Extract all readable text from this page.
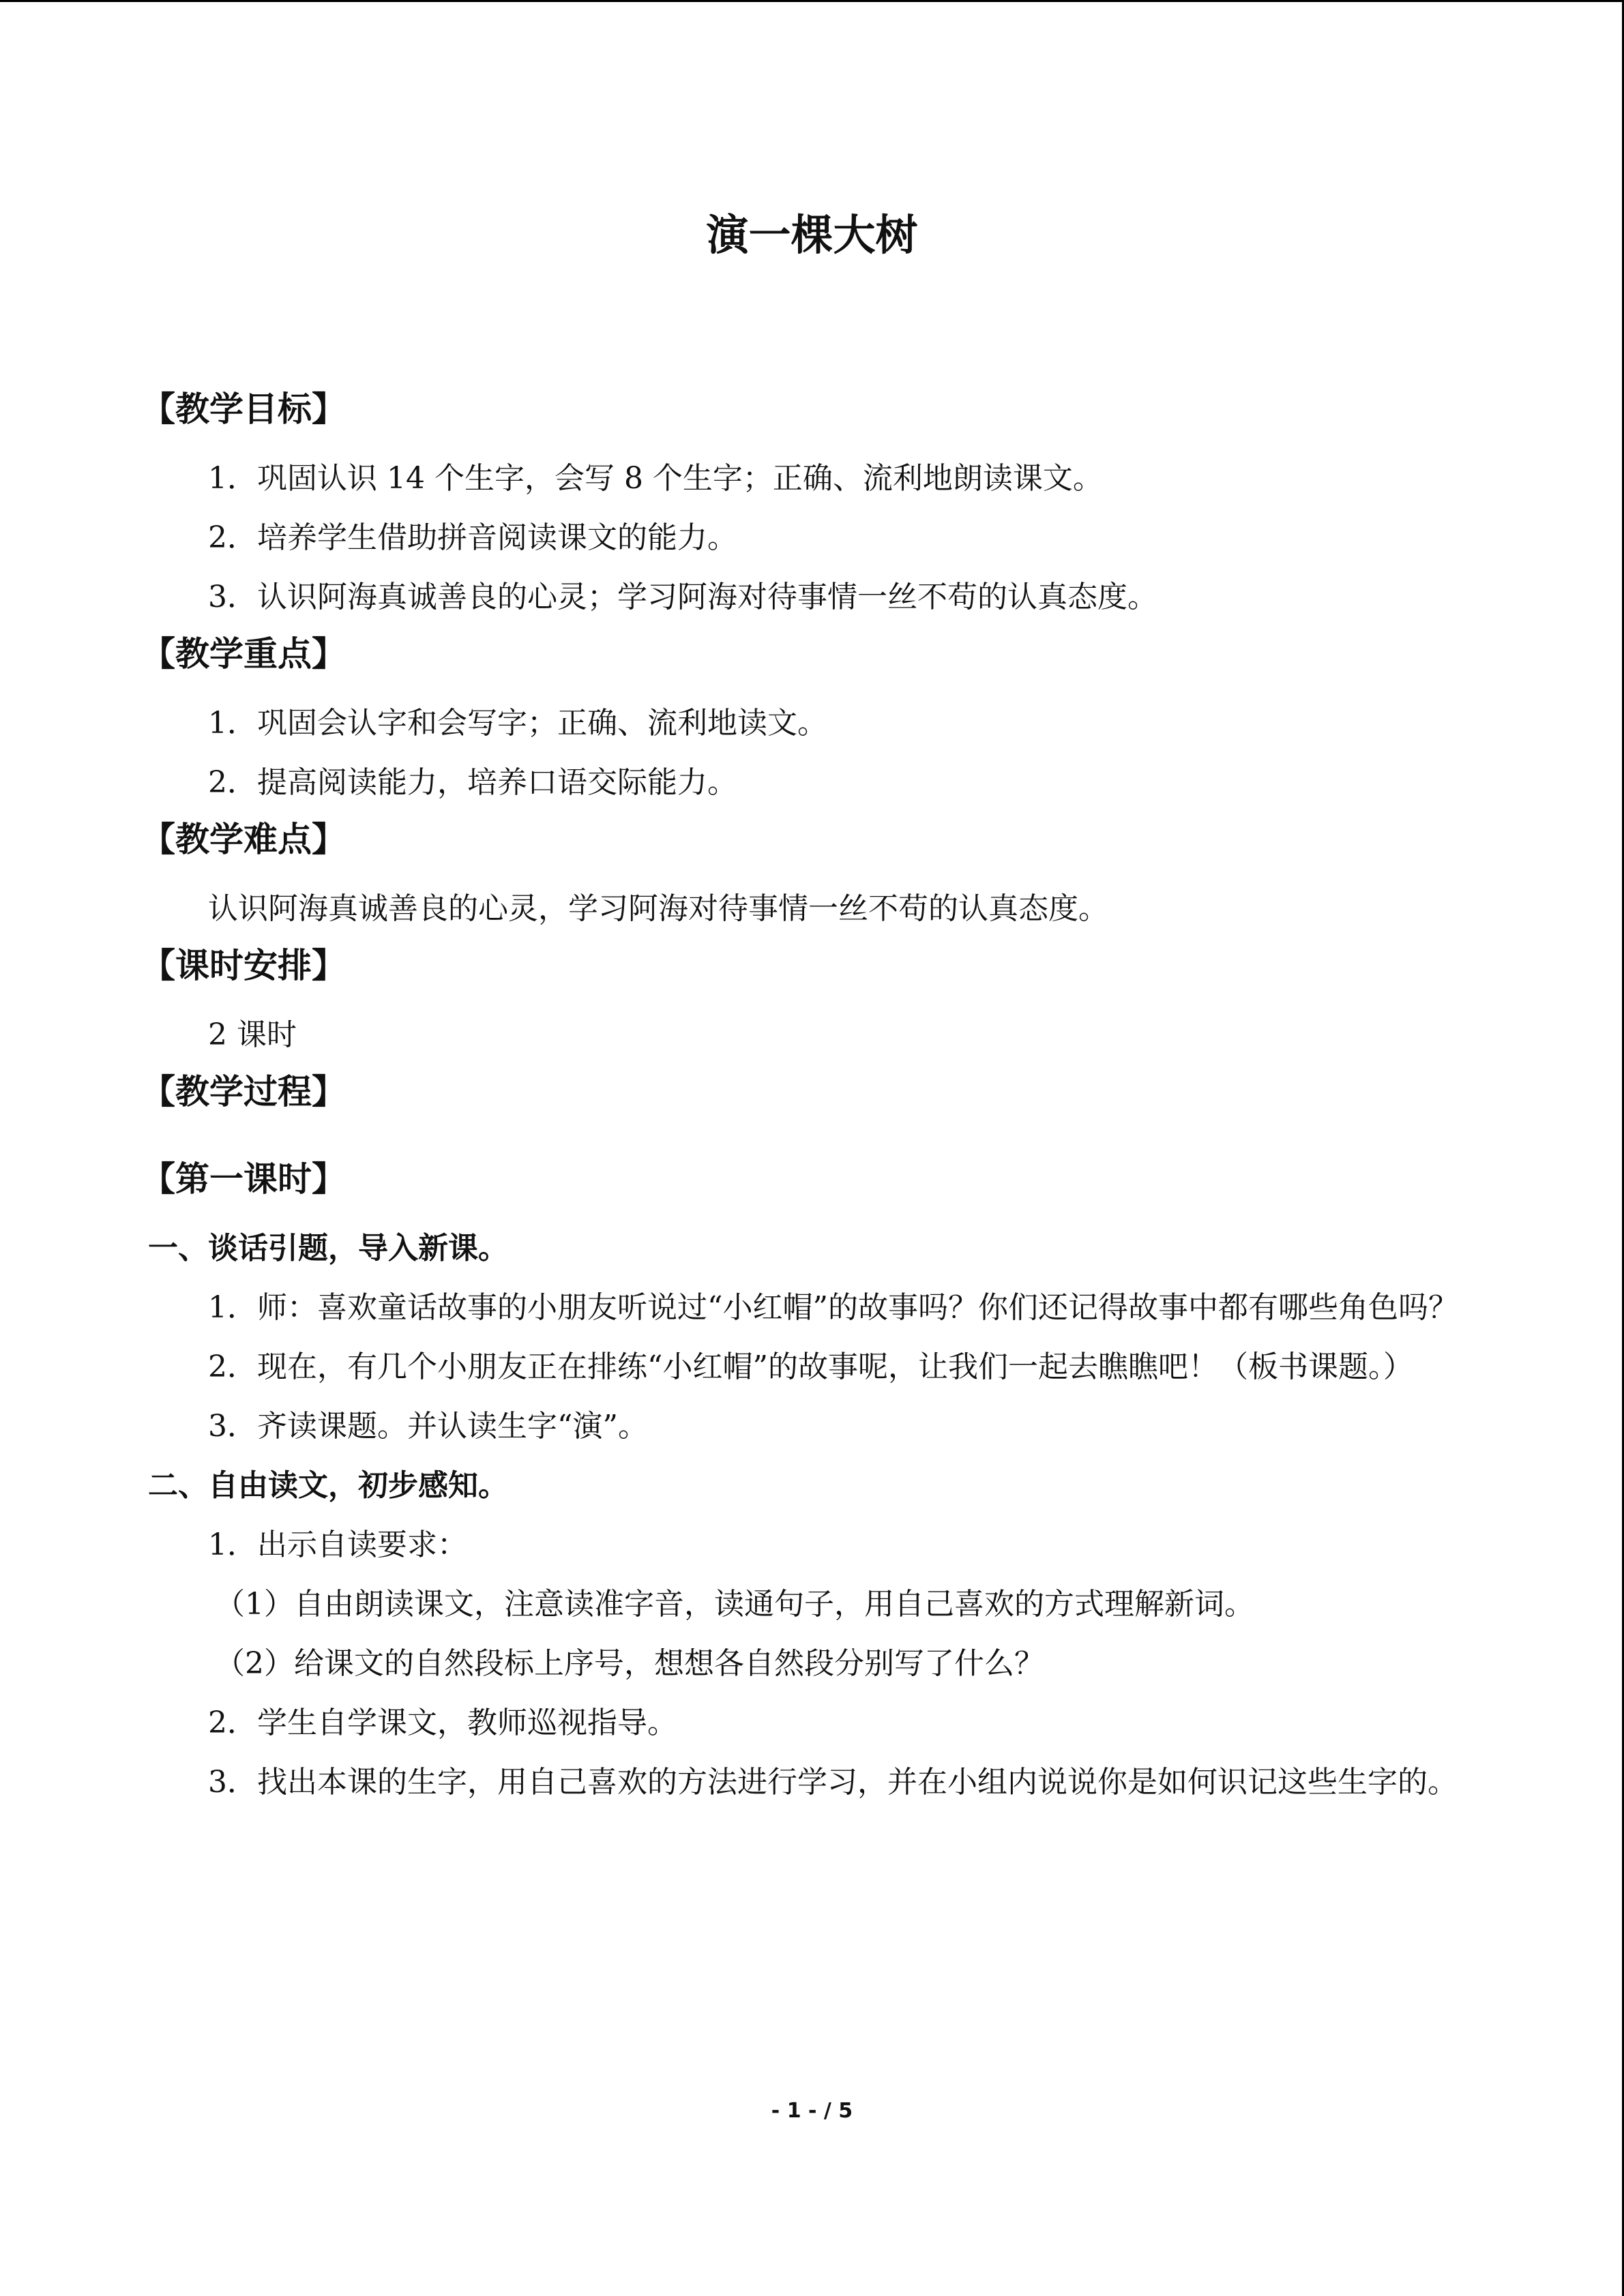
演一棵大树
【教学目标】
1．巩固认识 14 个生字，会写 8 个生字；正确、流利地朗读课文。
2．培养学生借助拼音阅读课文的能力。
3．认识阿海真诚善良的心灵；学习阿海对待事情一丝不苟的认真态度。
【教学重点】
1．巩固会认字和会写字；正确、流利地读文。
2．提高阅读能力，培养口语交际能力。
【教学难点】
认识阿海真诚善良的心灵，学习阿海对待事情一丝不苟的认真态度。
【课时安排】
2 课时
【教学过程】
【第一课时】
一、谈话引题，导入新课。
1．师：喜欢童话故事的小朋友听说过“小红帽”的故事吗？你们还记得故事中都有哪些角色吗？
2．现在，有几个小朋友正在排练“小红帽”的故事呢，让我们一起去瞧瞧吧！（板书课题。）
3．齐读课题。并认读生字“演”。
二、自由读文，初步感知。
1．出示自读要求：
（1）自由朗读课文，注意读准字音，读通句子，用自己喜欢的方式理解新词。
（2）给课文的自然段标上序号，想想各自然段分别写了什么？
2．学生自学课文，教师巡视指导。
3．找出本课的生字，用自己喜欢的方法进行学习，并在小组内说说你是如何识记这些生字的。
- 1 - / 5
